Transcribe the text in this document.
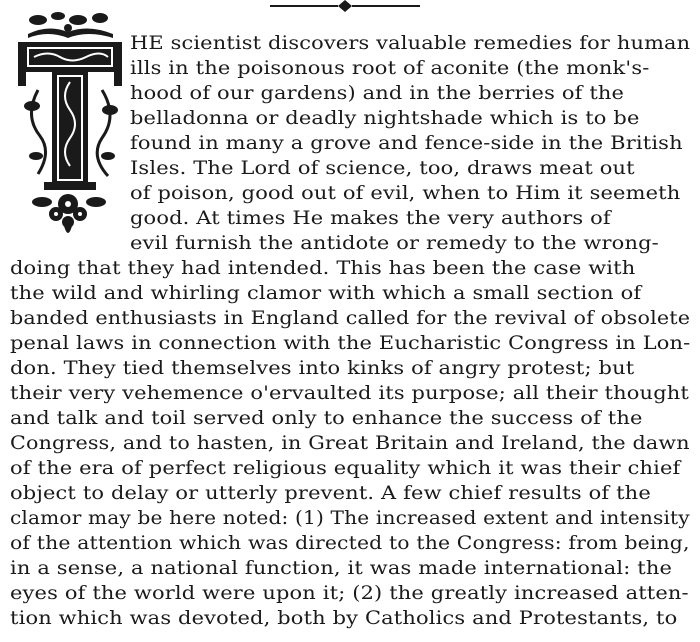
HE scientist discovers valuable remedies for human
ills in the poisonous root of aconite (the monk's-
hood of our gardens) and in the berries of the
belladonna or deadly nightshade which is to be
found in many a grove and fence-side in the British
Isles. The Lord of science, too, draws meat out
of poison, good out of evil, when to Him it seemeth
good. At times He makes the very authors of
evil furnish the antidote or remedy to the wrong-
doing that they had intended. This has been the case with
the wild and whirling clamor with which a small section of
banded enthusiasts in England called for the revival of obsolete
penal laws in connection with the Eucharistic Congress in Lon-
don. They tied themselves into kinks of angry protest; but
their very vehemence o'ervaulted its purpose; all their thought
and talk and toil served only to enhance the success of the
Congress, and to hasten, in Great Britain and Ireland, the dawn
of the era of perfect religious equality which it was their chief
object to delay or utterly prevent. A few chief results of the
clamor may be here noted: (1) The increased extent and intensity
of the attention which was directed to the Congress: from being,
in a sense, a national function, it was made international: the
eyes of the world were upon it; (2) the greatly increased atten-
tion which was devoted, both by Catholics and Protestants, to
